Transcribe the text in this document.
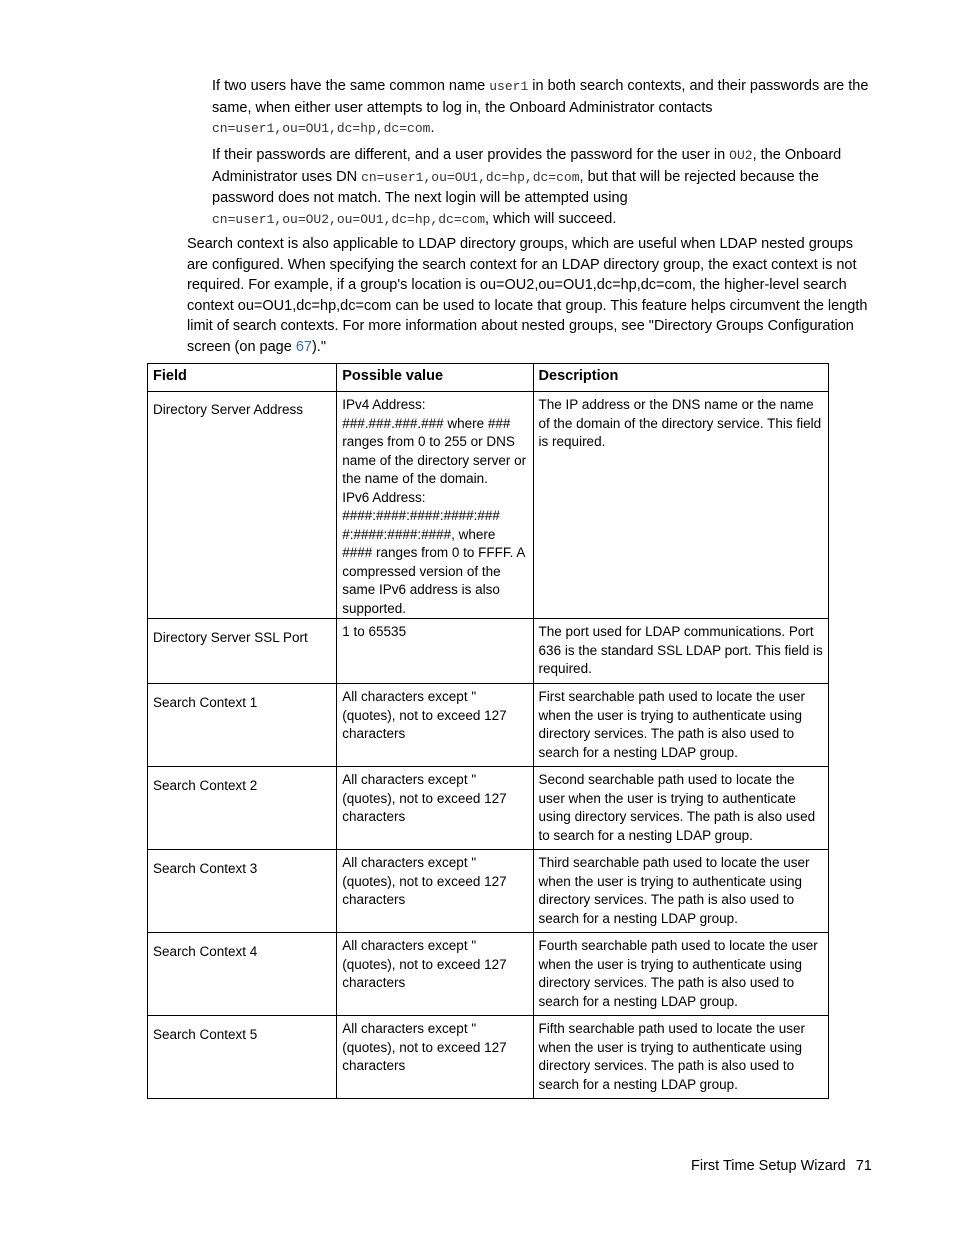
If two users have the same common name user1 in both search contexts, and their passwords are the same, when either user attempts to log in, the Onboard Administrator contacts cn=user1,ou=OU1,dc=hp,dc=com.

If their passwords are different, and a user provides the password for the user in OU2, the Onboard Administrator uses DN cn=user1,ou=OU1,dc=hp,dc=com, but that will be rejected because the password does not match. The next login will be attempted using cn=user1,ou=OU2,ou=OU1,dc=hp,dc=com, which will succeed.

Search context is also applicable to LDAP directory groups, which are useful when LDAP nested groups are configured. When specifying the search context for an LDAP directory group, the exact context is not required. For example, if a group's location is ou=OU2,ou=OU1,dc=hp,dc=com, the higher-level search context ou=OU1,dc=hp,dc=com can be used to locate that group. This feature helps circumvent the length limit of search contexts. For more information about nested groups, see "Directory Groups Configuration screen (on page 67)."

Field	Possible value	Description
Directory Server Address	IPv4 Address:
###.###.###.### where ### ranges from 0 to 255 or DNS name of the directory server or the name of the domain.
IPv6 Address:
####:####:####:####:### #:####:####:####, where #### ranges from 0 to FFFF. A compressed version of the same IPv6 address is also supported.	The IP address or the DNS name or the name of the domain of the directory service. This field is required.
Directory Server SSL Port	1 to 65535	The port used for LDAP communications. Port 636 is the standard SSL LDAP port. This field is required.
Search Context 1	All characters except " (quotes), not to exceed 127 characters	First searchable path used to locate the user when the user is trying to authenticate using directory services. The path is also used to search for a nesting LDAP group.
Search Context 2	All characters except " (quotes), not to exceed 127 characters	Second searchable path used to locate the user when the user is trying to authenticate using directory services. The path is also used to search for a nesting LDAP group.
Search Context 3	All characters except " (quotes), not to exceed 127 characters	Third searchable path used to locate the user when the user is trying to authenticate using directory services. The path is also used to search for a nesting LDAP group.
Search Context 4	All characters except " (quotes), not to exceed 127 characters	Fourth searchable path used to locate the user when the user is trying to authenticate using directory services. The path is also used to search for a nesting LDAP group.
Search Context 5	All characters except " (quotes), not to exceed 127 characters	Fifth searchable path used to locate the user when the user is trying to authenticate using directory services. The path is also used to search for a nesting LDAP group.
First Time Setup Wizard 71
